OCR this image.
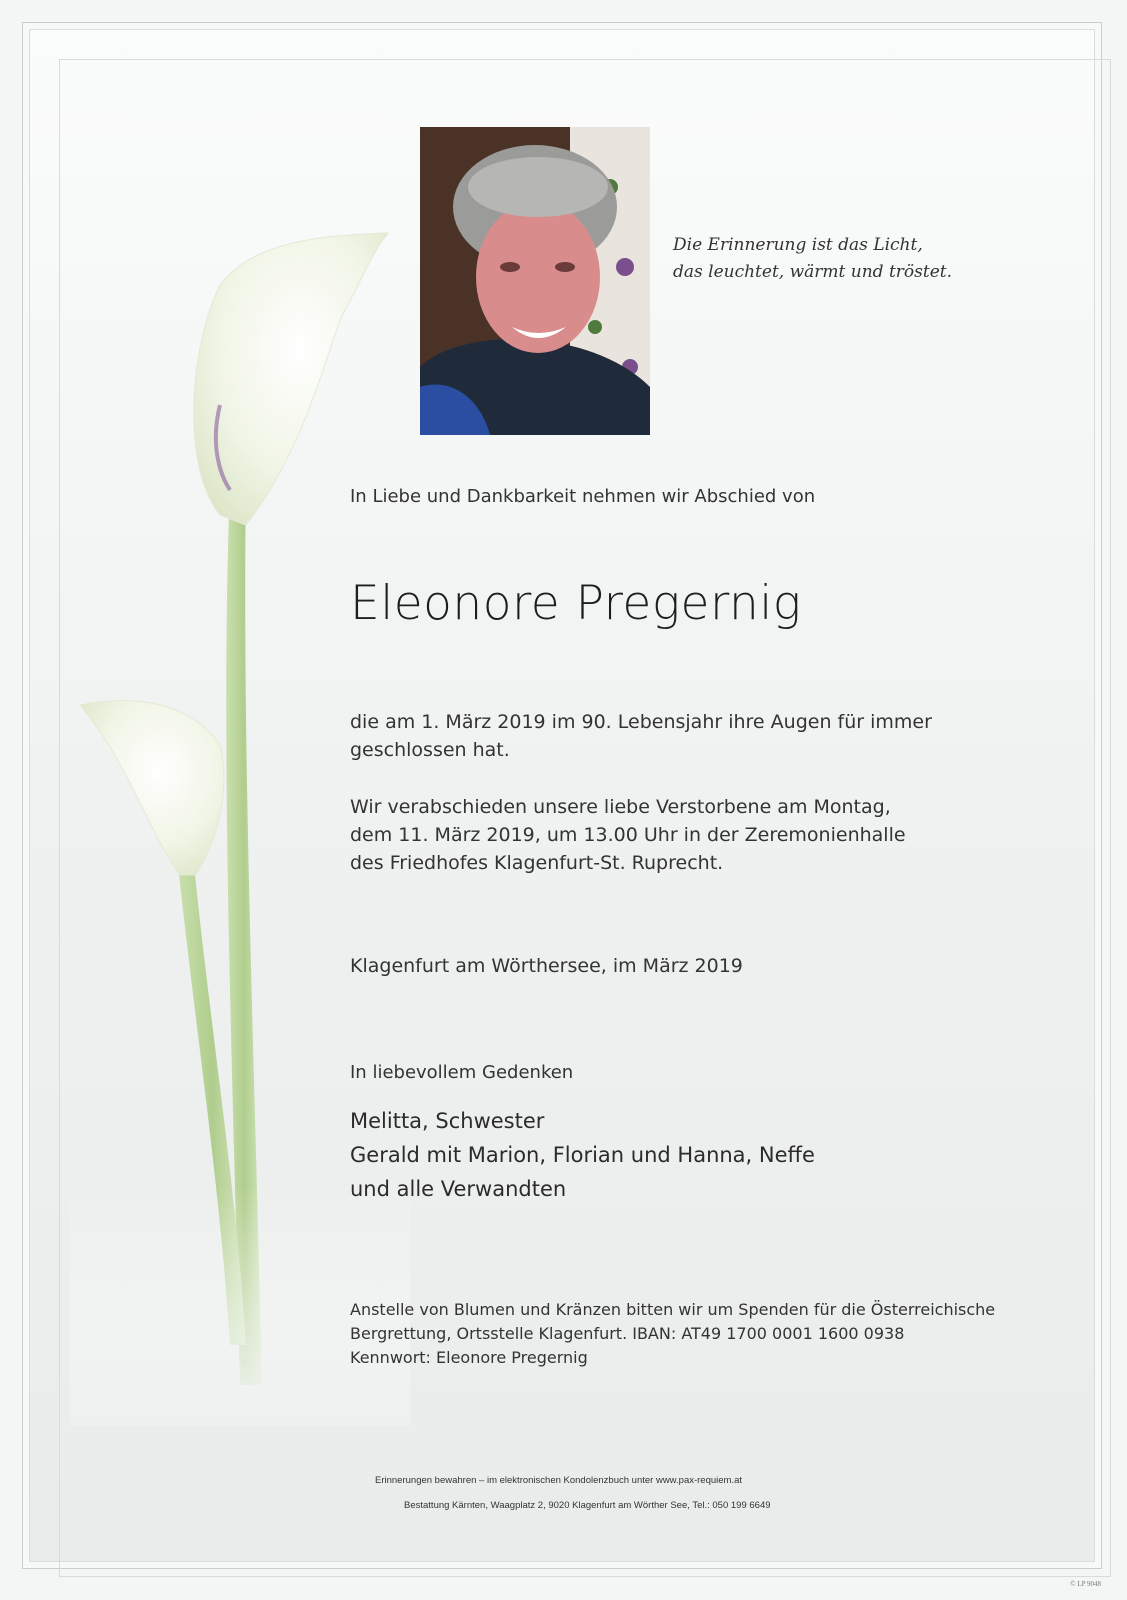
Die Erinnerung ist das Licht,
das leuchtet, wärmt und tröstet.
In Liebe und Dankbarkeit nehmen wir Abschied von
Eleonore Pregernig
die am 1. März 2019 im 90. Lebensjahr ihre Augen für immer
geschlossen hat.
Wir verabschieden unsere liebe Verstorbene am Montag,
dem 11. März 2019, um 13.00 Uhr in der Zeremonienhalle
des Friedhofes Klagenfurt-St. Ruprecht.
Klagenfurt am Wörthersee, im März 2019
In liebevollem Gedenken
Melitta, Schwester
Gerald mit Marion, Florian und Hanna, Neffe
und alle Verwandten
Anstelle von Blumen und Kränzen bitten wir um Spenden für die Österreichische
Bergrettung, Ortsstelle Klagenfurt. IBAN: AT49 1700 0001 1600 0938
Kennwort: Eleonore Pregernig
Erinnerungen bewahren – im elektronischen Kondolenzbuch unter www.pax-requiem.at
Bestattung Kärnten, Waagplatz 2, 9020 Klagenfurt am Wörther See, Tel.: 050 199 6649
© LP 9048
